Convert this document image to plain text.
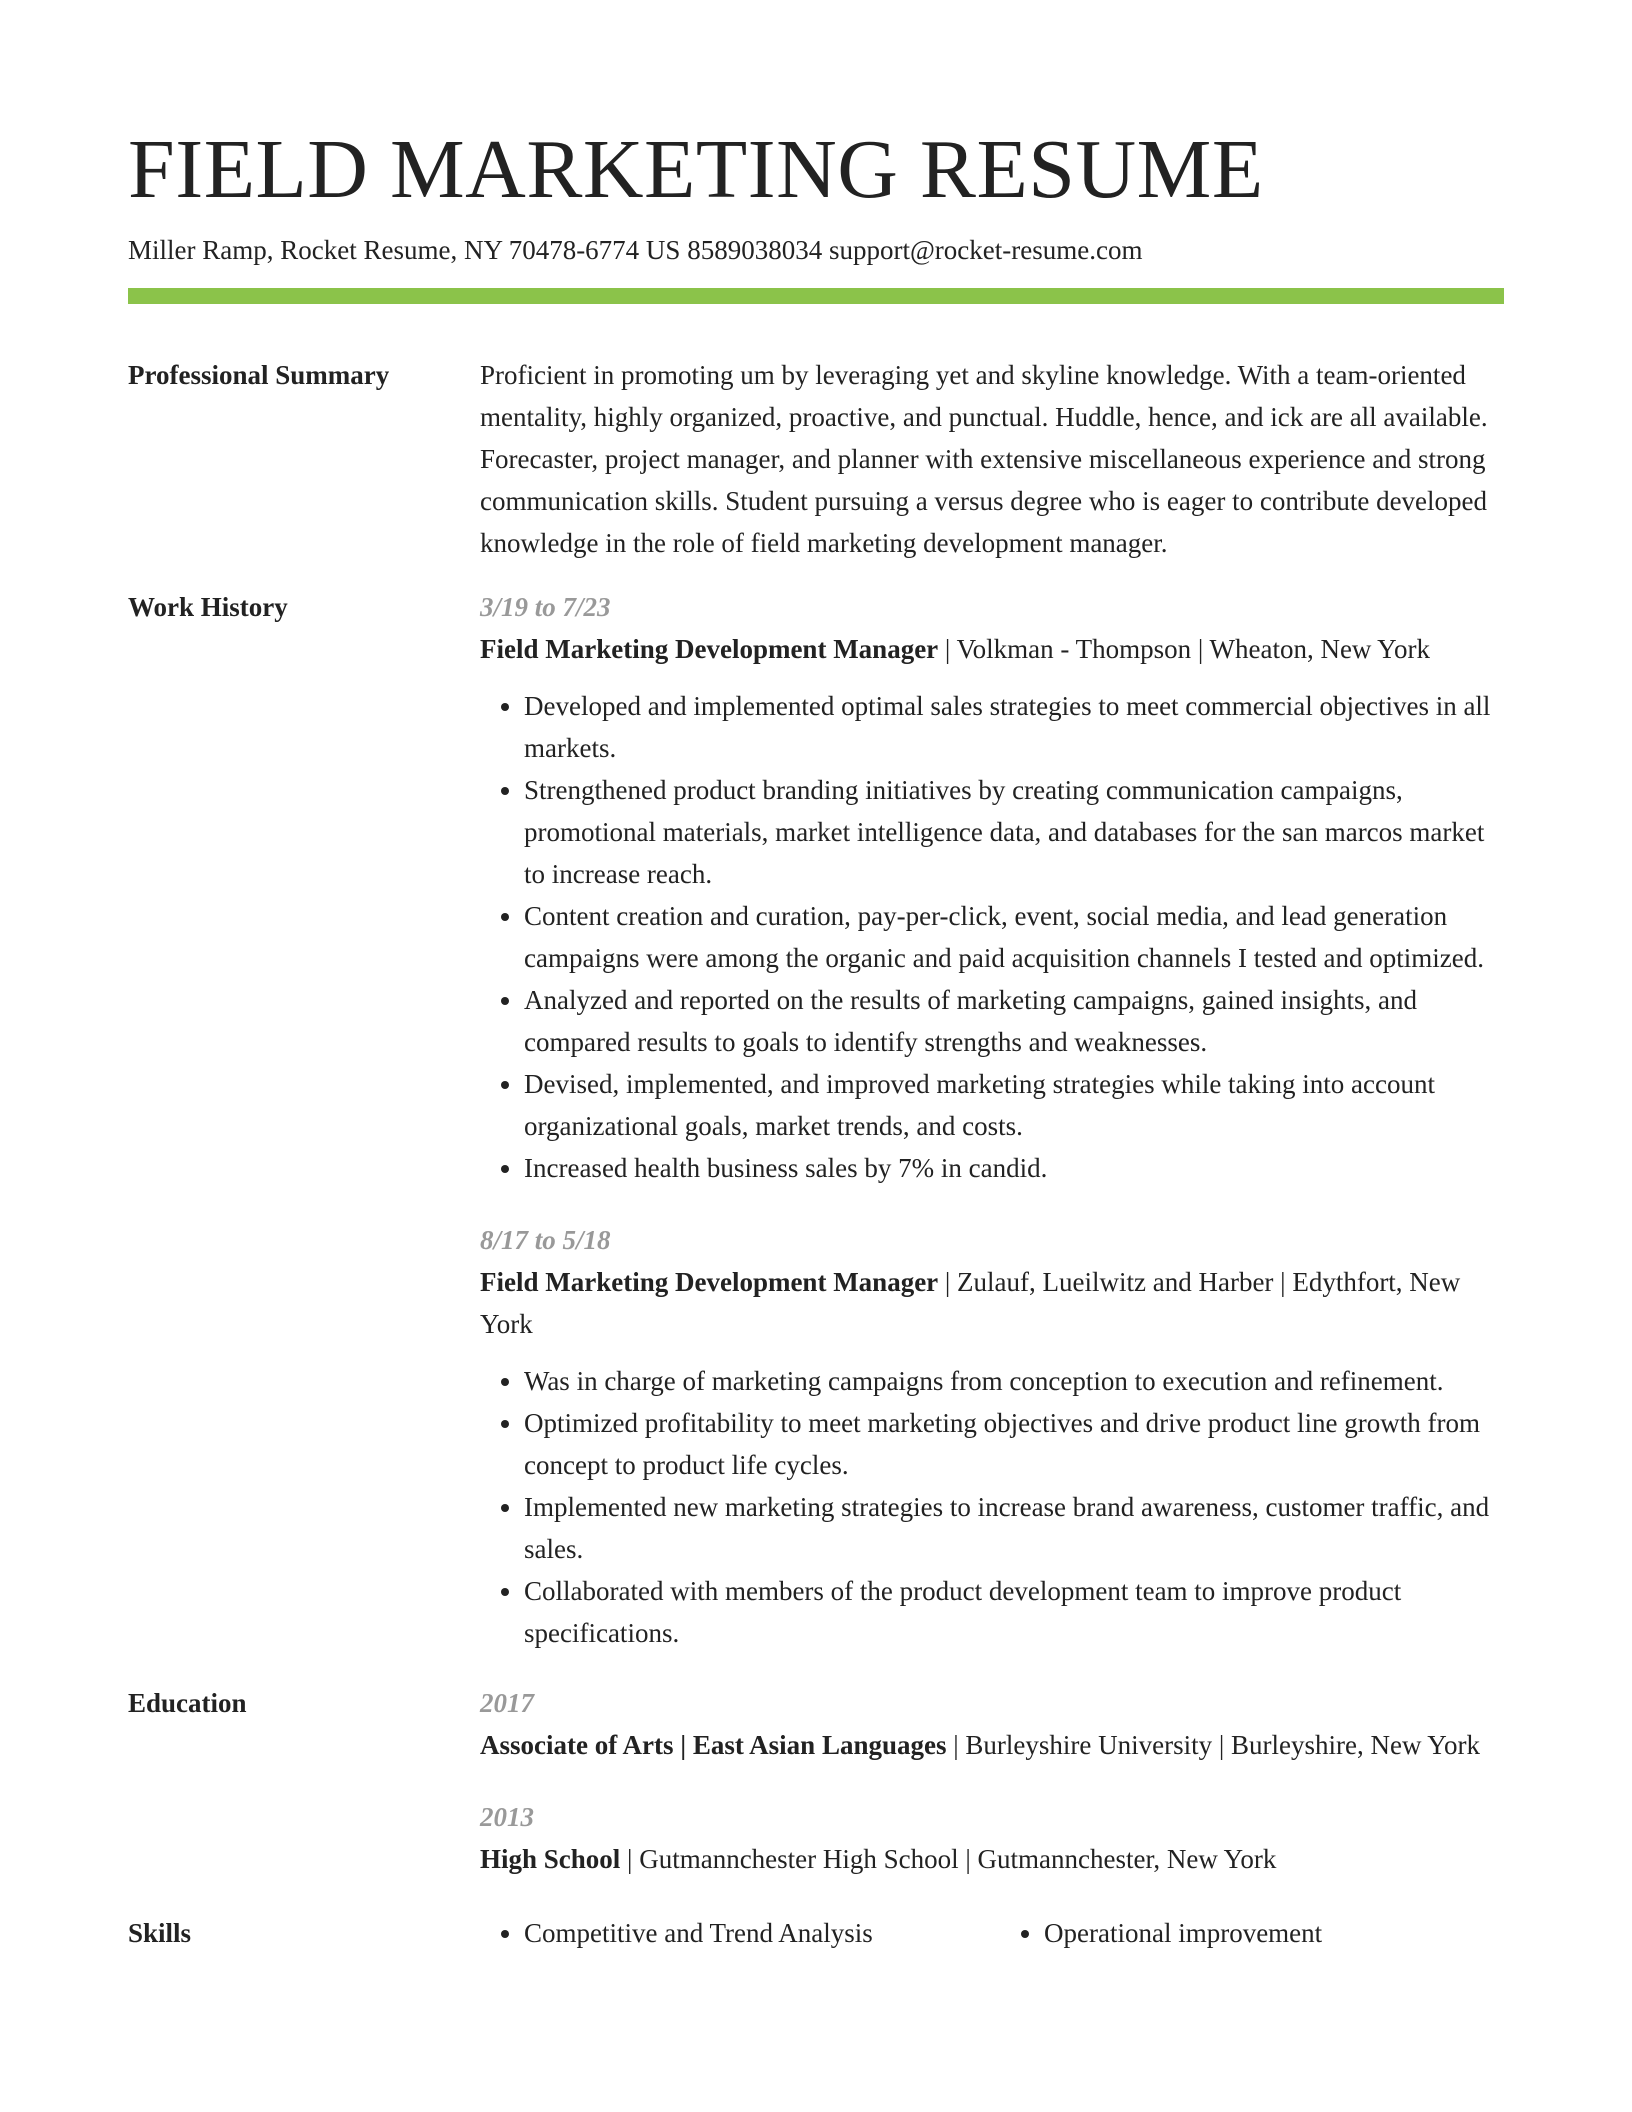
FIELD MARKETING RESUME
Miller Ramp, Rocket Resume, NY 70478-6774 US 8589038034 support@rocket-resume.com
Professional Summary	Proficient in promoting um by leveraging yet and skyline knowledge. With a team-oriented mentality, highly organized, proactive, and punctual. Huddle, hence, and ick are all available. Forecaster, project manager, and planner with extensive miscellaneous experience and strong communication skills. Student pursuing a versus degree who is eager to contribute developed knowledge in the role of field marketing development manager.
Work History	3/19 to 7/23
Field Marketing Development Manager | Volkman - Thompson | Wheaton, New York
• Developed and implemented optimal sales strategies to meet commercial objectives in all markets.
• Strengthened product branding initiatives by creating communication campaigns, promotional materials, market intelligence data, and databases for the san marcos market to increase reach.
• Content creation and curation, pay-per-click, event, social media, and lead generation campaigns were among the organic and paid acquisition channels I tested and optimized.
• Analyzed and reported on the results of marketing campaigns, gained insights, and compared results to goals to identify strengths and weaknesses.
• Devised, implemented, and improved marketing strategies while taking into account organizational goals, market trends, and costs.
• Increased health business sales by 7% in candid.
8/17 to 5/18
Field Marketing Development Manager | Zulauf, Lueilwitz and Harber | Edythfort, New York
• Was in charge of marketing campaigns from conception to execution and refinement.
• Optimized profitability to meet marketing objectives and drive product line growth from concept to product life cycles.
• Implemented new marketing strategies to increase brand awareness, customer traffic, and sales.
• Collaborated with members of the product development team to improve product specifications.
Education	2017
Associate of Arts | East Asian Languages | Burleyshire University | Burleyshire, New York
2013
High School | Gutmannchester High School | Gutmannchester, New York
Skills	• Competitive and Trend Analysis	• Operational improvement
